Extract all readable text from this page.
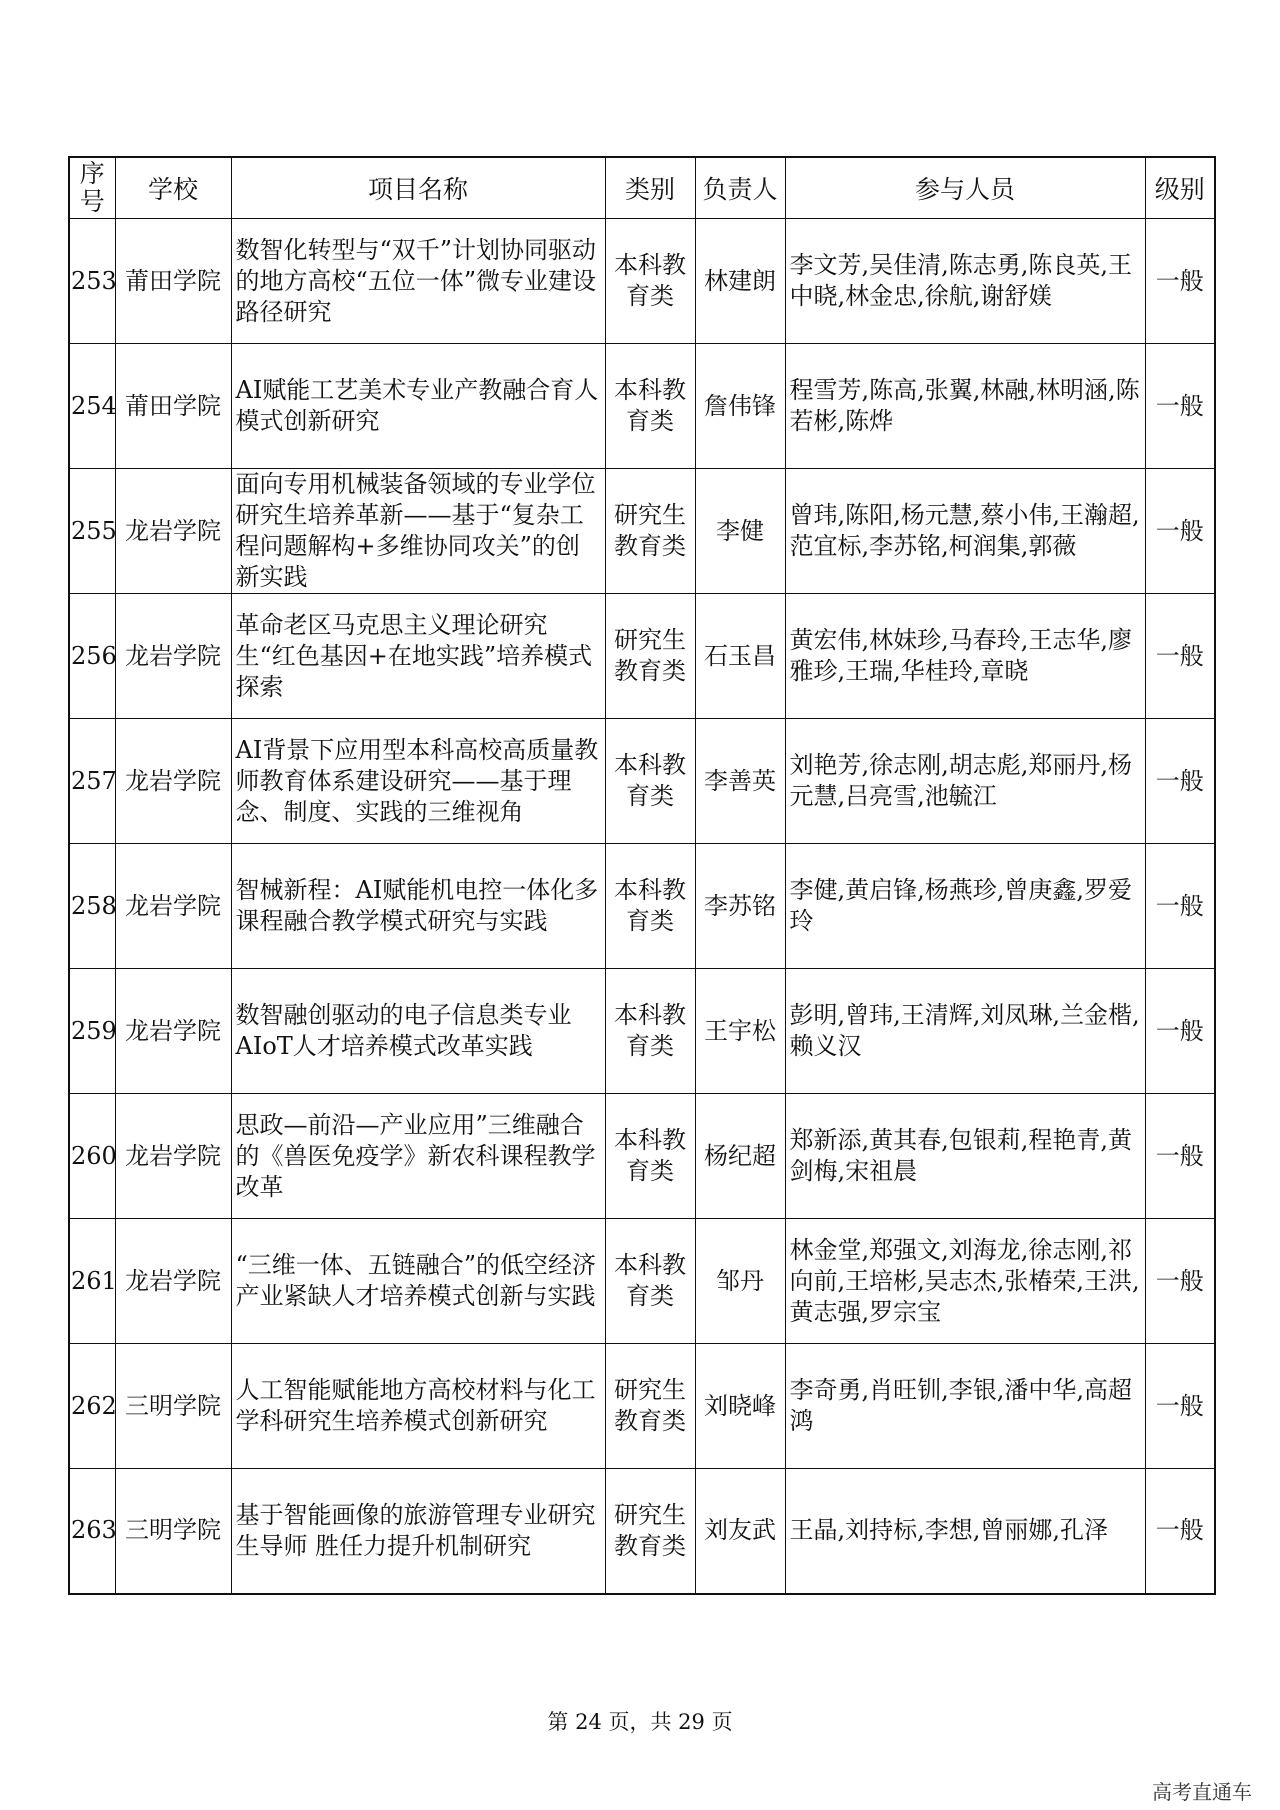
序号	学校	项目名称	类别	负责人	参与人员	级别
253	莆田学院	数智化转型与“双千”计划协同驱动的地方高校“五位一体”微专业建设路径研究	本科教育类	林建朗	李文芳,吴佳清,陈志勇,陈良英,王中晓,林金忠,徐航,谢舒媄	一般
254	莆田学院	AI赋能工艺美术专业产教融合育人模式创新研究	本科教育类	詹伟锋	程雪芳,陈高,张翼,林融,林明涵,陈若彬,陈烨	一般
255	龙岩学院	面向专用机械装备领域的专业学位研究生培养革新——基于“复杂工程问题解构+多维协同攻关”的创新实践	研究生教育类	李健	曾玮,陈阳,杨元慧,蔡小伟,王瀚超,范宜标,李苏铭,柯润集,郭薇	一般
256	龙岩学院	革命老区马克思主义理论研究生“红色基因+在地实践”培养模式探索	研究生教育类	石玉昌	黄宏伟,林妹珍,马春玲,王志华,廖雅珍,王瑞,华桂玲,章晓	一般
257	龙岩学院	AI背景下应用型本科高校高质量教师教育体系建设研究——基于理念、制度、实践的三维视角	本科教育类	李善英	刘艳芳,徐志刚,胡志彪,郑丽丹,杨元慧,吕亮雪,池毓江	一般
258	龙岩学院	智械新程：AI赋能机电控一体化多课程融合教学模式研究与实践	本科教育类	李苏铭	李健,黄启锋,杨燕珍,曾庚鑫,罗爱玲	一般
259	龙岩学院	数智融创驱动的电子信息类专业AIoT人才培养模式改革实践	本科教育类	王宇松	彭明,曾玮,王清辉,刘凤琳,兰金楷,赖义汉	一般
260	龙岩学院	思政—前沿—产业应用”三维融合的《兽医免疫学》新农科课程教学改革	本科教育类	杨纪超	郑新添,黄其春,包银莉,程艳青,黄剑梅,宋祖晨	一般
261	龙岩学院	“三维一体、五链融合”的低空经济产业紧缺人才培养模式创新与实践	本科教育类	邹丹	林金堂,郑强文,刘海龙,徐志刚,祁向前,王培彬,吴志杰,张椿荣,王洪,黄志强,罗宗宝	一般
262	三明学院	人工智能赋能地方高校材料与化工学科研究生培养模式创新研究	研究生教育类	刘晓峰	李奇勇,肖旺钏,李银,潘中华,高超鸿	一般
263	三明学院	基于智能画像的旅游管理专业研究生导师 胜任力提升机制研究	研究生教育类	刘友武	王晶,刘持标,李想,曾丽娜,孔泽	一般
第 24 页，共 29 页
高考直通车
